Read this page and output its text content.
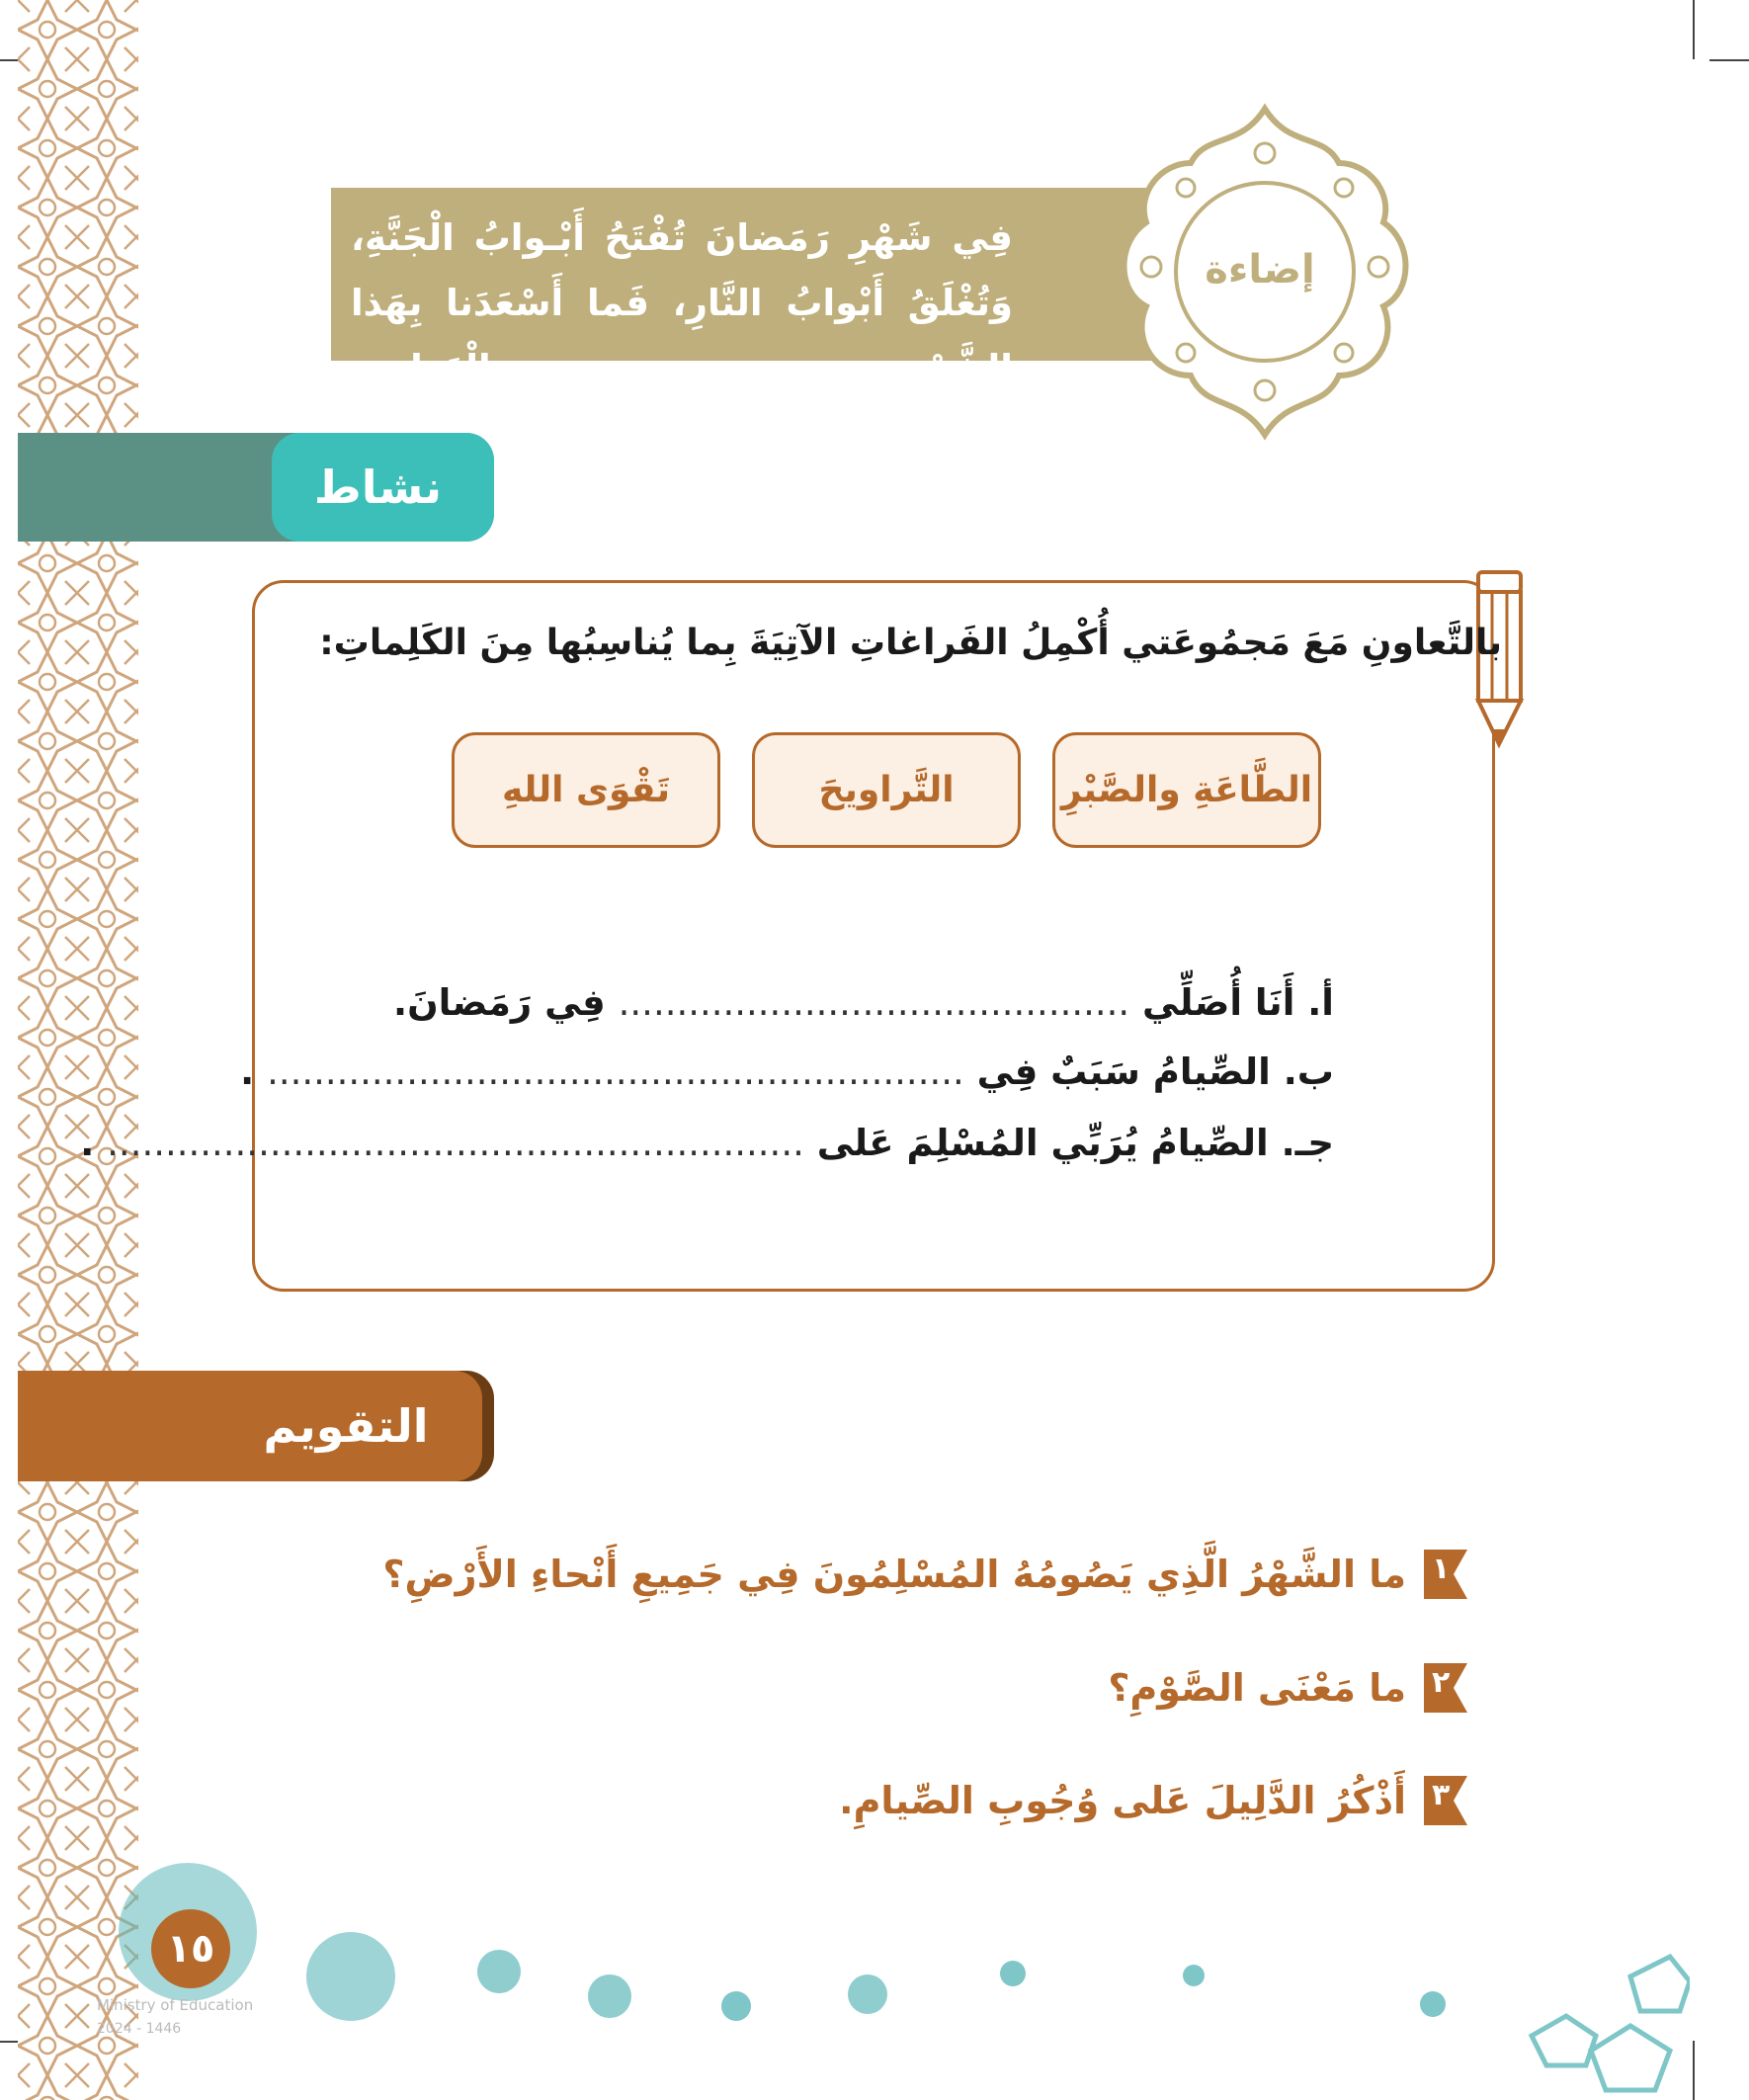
فِي شَهْرِ رَمَضانَ تُفْتَحُ أَبْـوابُ الْجَنَّةِ، وَتُغْلَقُ أَبْوابُ النَّارِ، فَما أَسْعَدَنا بِهَذا الشَّهْرِ الْعَظِيمِ.
إضاءة
نشاط
بالتَّعاونِ مَعَ مَجمُوعَتي أُكْمِلُ الفَراغاتِ الآتِيَةَ بِما يُناسِبُها مِنَ الكَلِماتِ:
الطَّاعَةِ والصَّبْرِ
التَّراويحَ
تَقْوَى اللهِ
أ. أَنَا أُصَلِّي ............................................ فِي رَمَضانَ.
ب. الصِّيامُ سَبَبٌ فِي ............................................................ .
جـ. الصِّيامُ يُرَبِّي المُسْلِمَ عَلى ............................................................ .
التقويم
١
ما الشَّهْرُ الَّذِي يَصُومُهُ المُسْلِمُونَ فِي جَمِيعِ أَنْحاءِ الأَرْضِ؟
٢
ما مَعْنَى الصَّوْمِ؟
٣
أَذْكُرُ الدَّلِيلَ عَلى وُجُوبِ الصِّيامِ.
١٥
Ministry of Education
2024 - 1446
